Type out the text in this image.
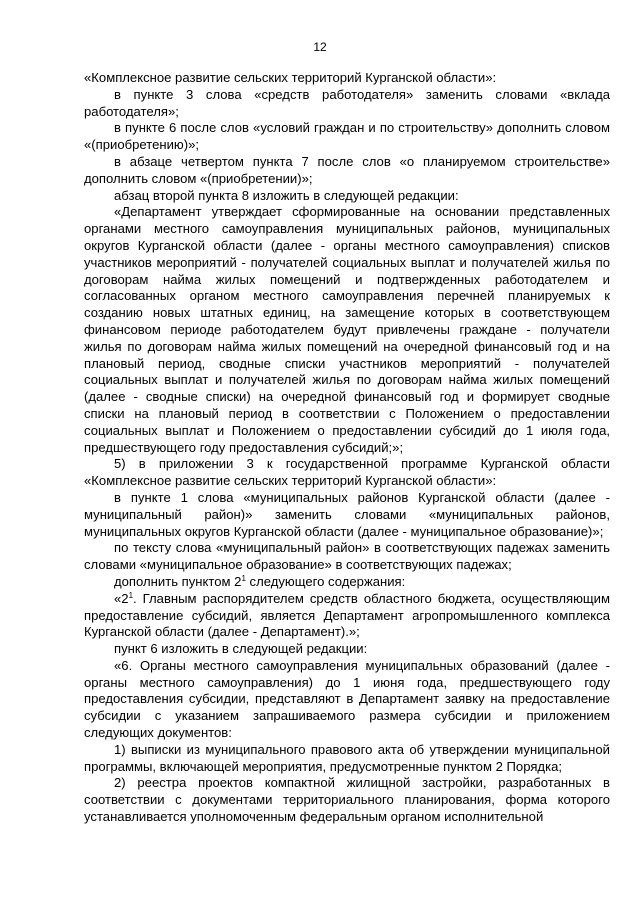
12

«Комплексное развитие сельских территорий Курганской области»:

в пункте 3 слова «средств работодателя» заменить словами «вклада работодателя»;

в пункте 6 после слов «условий граждан и по строительству» дополнить словом «(приобретению)»;

в абзаце четвертом пункта 7 после слов «о планируемом строительстве» дополнить словом «(приобретении)»;

абзац второй пункта 8 изложить в следующей редакции:

«Департамент утверждает сформированные на основании представленных органами местного самоуправления муниципальных районов, муниципальных округов Курганской области (далее - органы местного самоуправления) списков участников мероприятий - получателей социальных выплат и получателей жилья по договорам найма жилых помещений и подтвержденных работодателем и согласованных органом местного самоуправления перечней планируемых к созданию новых штатных единиц, на замещение которых в соответствующем финансовом периоде работодателем будут привлечены граждане - получатели жилья по договорам найма жилых помещений на очередной финансовый год и на плановый период, сводные списки участников мероприятий - получателей социальных выплат и получателей жилья по договорам найма жилых помещений (далее - сводные списки) на очередной финансовый год и формирует сводные списки на плановый период в соответствии с Положением о предоставлении социальных выплат и Положением о предоставлении субсидий до 1 июля года, предшествующего году предоставления субсидий;»;

5) в приложении 3 к государственной программе Курганской области «Комплексное развитие сельских территорий Курганской области»:

в пункте 1 слова «муниципальных районов Курганской области (далее - муниципальный район)» заменить словами «муниципальных районов, муниципальных округов Курганской области (далее - муниципальное образование)»;

по тексту слова «муниципальный район» в соответствующих падежах заменить словами «муниципальное образование» в соответствующих падежах;

дополнить пунктом $2^1$ следующего содержания:

«$2^1$. Главным распорядителем средств областного бюджета, осуществляющим предоставление субсидий, является Департамент агропромышленного комплекса Курганской области (далее - Департамент).»;

пункт 6 изложить в следующей редакции:

«6. Органы местного самоуправления муниципальных образований (далее - органы местного самоуправления) до 1 июня года, предшествующего году предоставления субсидии, представляют в Департамент заявку на предоставление субсидии с указанием запрашиваемого размера субсидии и приложением следующих документов:

1) выписки из муниципального правового акта об утверждении муниципальной программы, включающей мероприятия, предусмотренные пунктом 2 Порядка;

2) реестра проектов компактной жилищной застройки, разработанных в соответствии с документами территориального планирования, форма которого устанавливается уполномоченным федеральным органом исполнительной
